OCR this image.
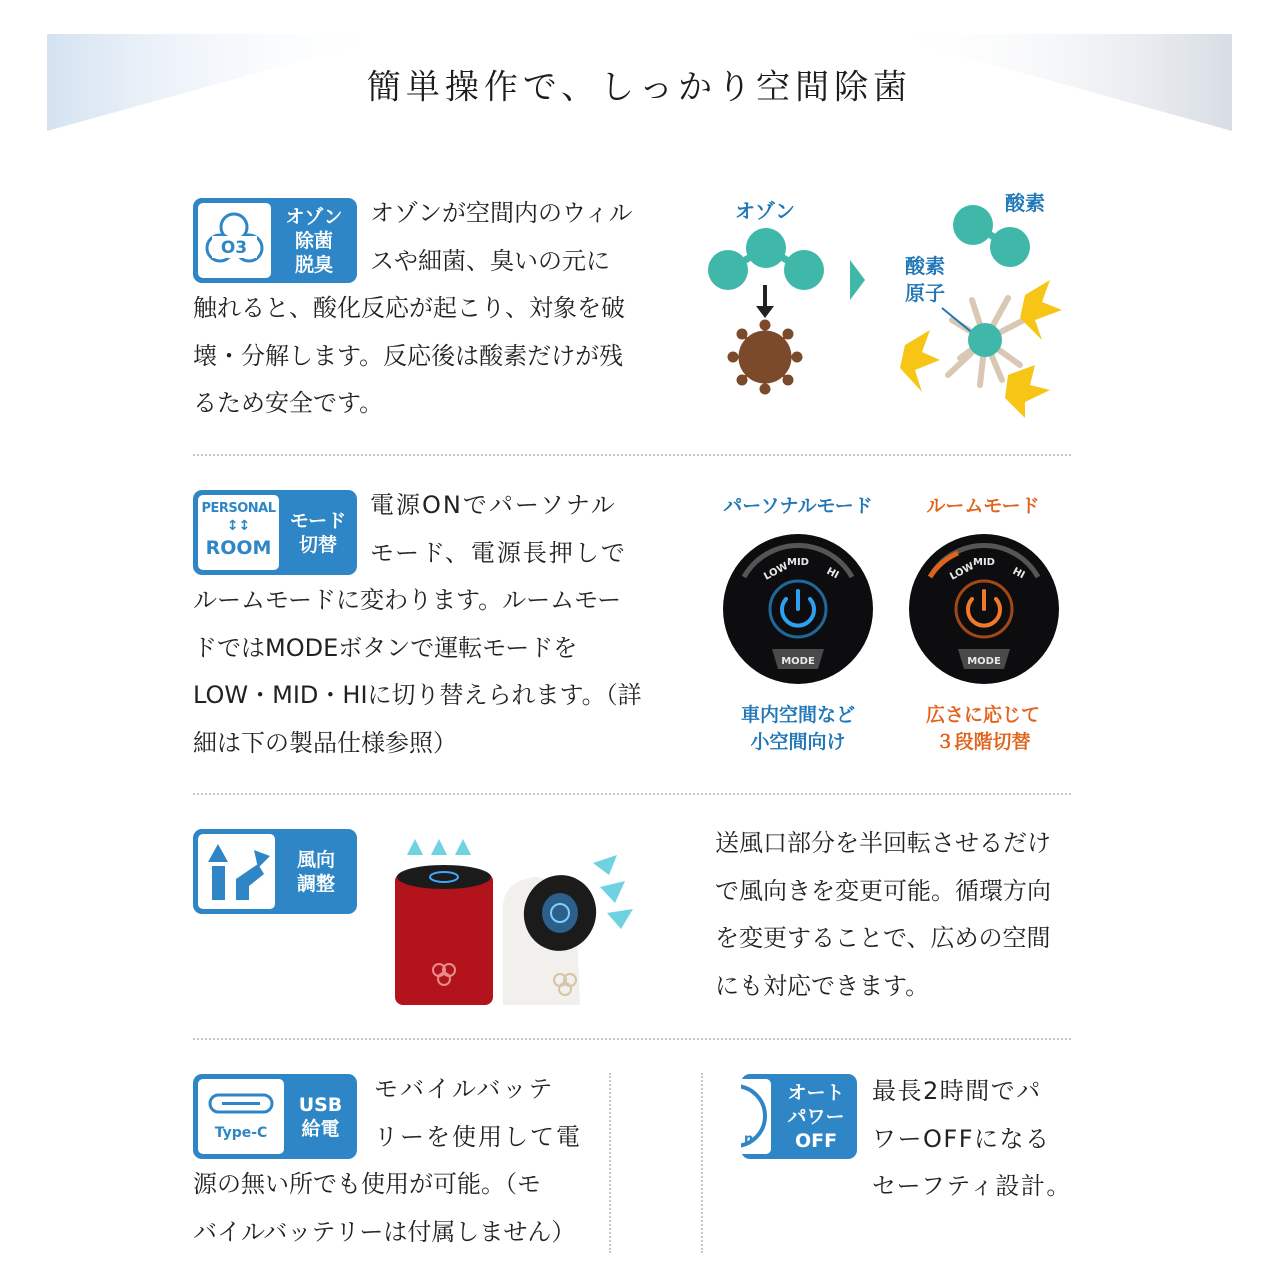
簡単操作で、しっかり空間除菌
O3
オゾン
除菌
脱臭
オゾンが空間内のウィル
スや細菌、臭いの元に
触れると、酸化反応が起こり、対象を破
壊・分解します。反応後は酸素だけが残
るため安全です。
オゾン	酸素
酸素
原子
PERSONAL
↕↕
ROOM
モード
切替
電源ONでパーソナル
モード、電源長押しで
ルームモードに変わります。ルームモー
ドではMODEボタンで運転モードを
LOW・MID・HIに切り替えられます。（詳
細は下の製品仕様参照）
パーソナルモード	ルームモード
LOW
MID
HI
MODE
LOW
MID
HI
MODE
車内空間など
小空間向け
広さに応じて
３段階切替
風向
調整
送風口部分を半回転させるだけ
で風向きを変更可能。循環方向
を変更することで、広めの空間
にも対応できます。
Type-C
USB
給電
モバイルバッテ
リーを使用して電
源の無い所でも使用が可能。（モ
バイルバッテリーは付属しません）
n
オート
パワー
OFF
最長2時間でパ
ワーOFFになる
セーフティ設計。
